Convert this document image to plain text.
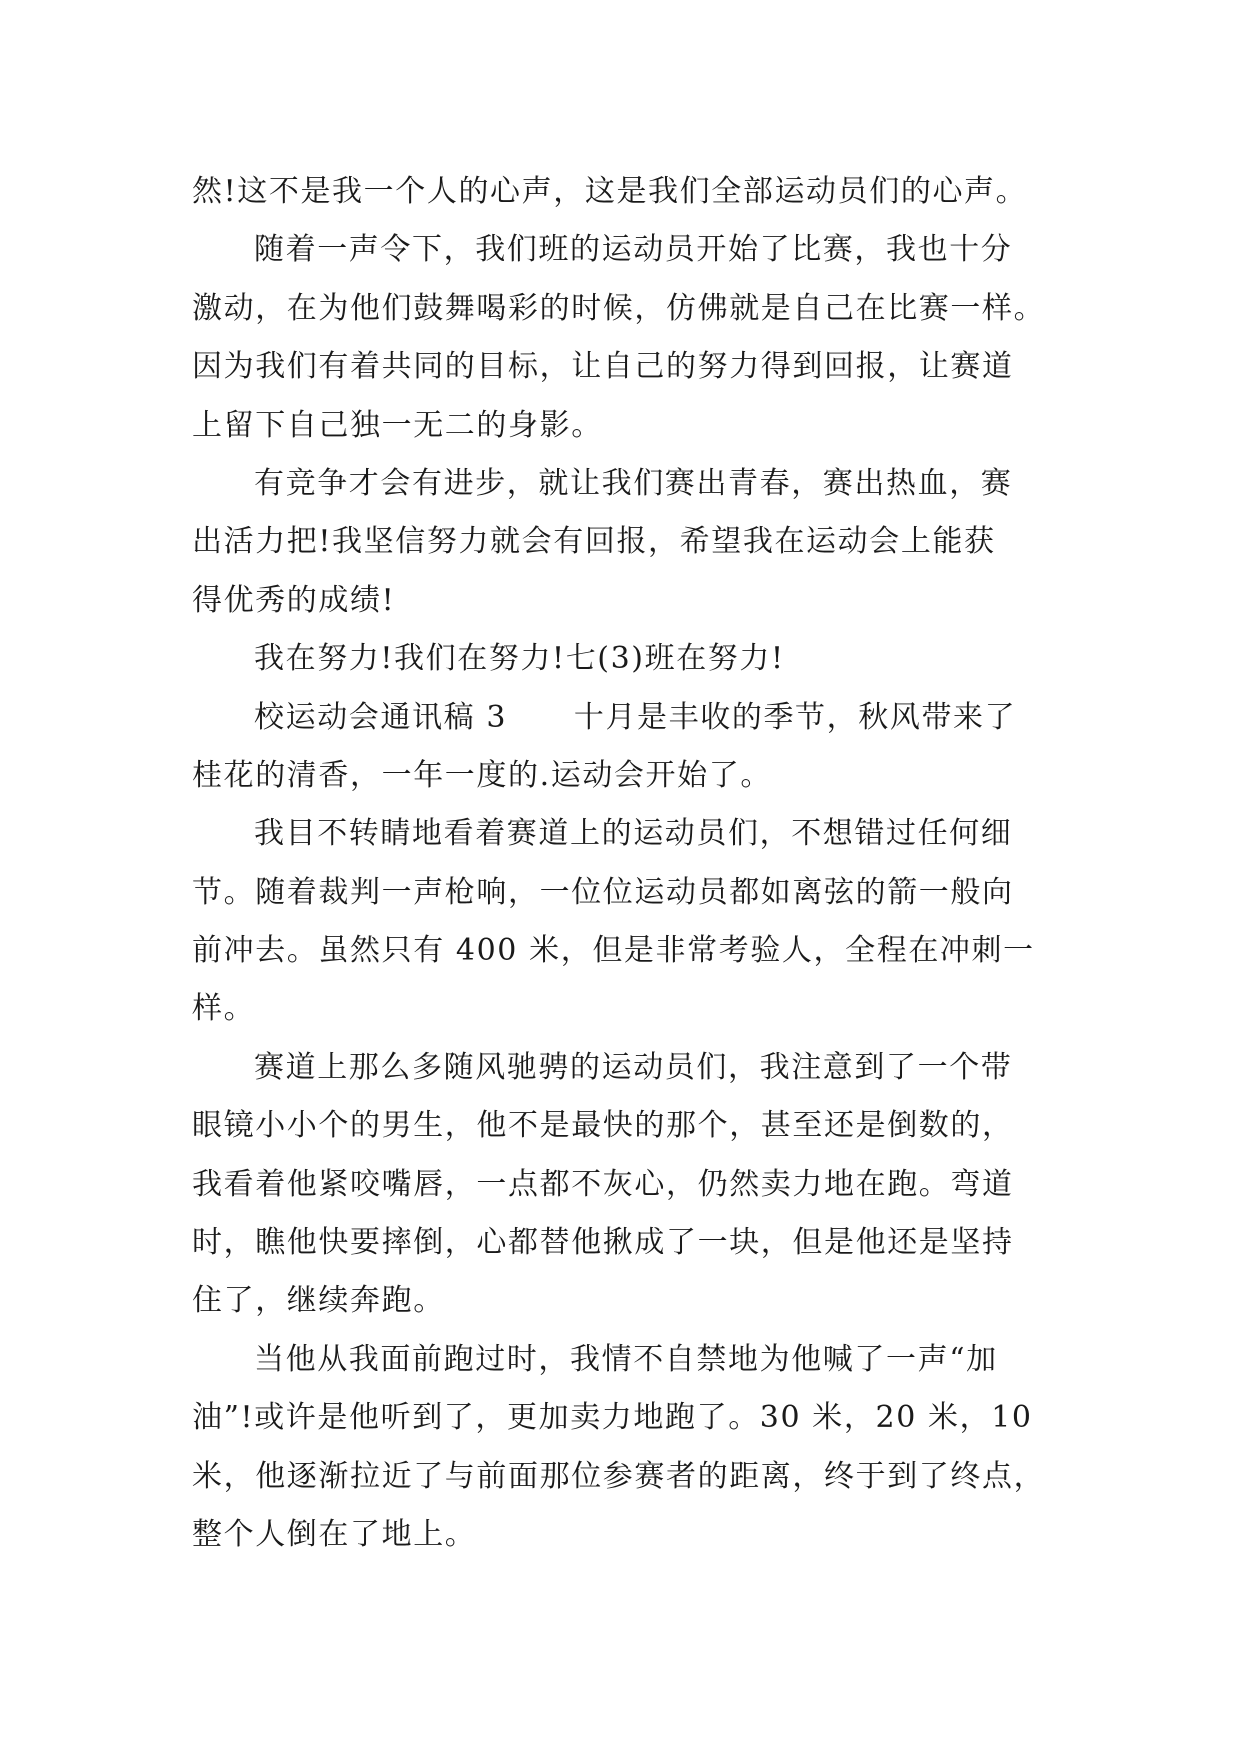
然!这不是我一个人的心声，这是我们全部运动员们的心声。
随着一声令下，我们班的运动员开始了比赛，我也十分
激动，在为他们鼓舞喝彩的时候，仿佛就是自己在比赛一样。
因为我们有着共同的目标，让自己的努力得到回报，让赛道
上留下自己独一无二的身影。
有竞争才会有进步，就让我们赛出青春，赛出热血，赛
出活力把!我坚信努力就会有回报，希望我在运动会上能获
得优秀的成绩!
我在努力!我们在努力!七(3)班在努力!
校运动会通讯稿 3      十月是丰收的季节，秋风带来了
桂花的清香，一年一度的.运动会开始了。
我目不转睛地看着赛道上的运动员们，不想错过任何细
节。随着裁判一声枪响，一位位运动员都如离弦的箭一般向
前冲去。虽然只有 400 米，但是非常考验人，全程在冲刺一
样。
赛道上那么多随风驰骋的运动员们，我注意到了一个带
眼镜小小个的男生，他不是最快的那个，甚至还是倒数的，
我看着他紧咬嘴唇，一点都不灰心，仍然卖力地在跑。弯道
时，瞧他快要摔倒，心都替他揪成了一块，但是他还是坚持
住了，继续奔跑。
当他从我面前跑过时，我情不自禁地为他喊了一声“加
油”!或许是他听到了，更加卖力地跑了。30 米，20 米，10
米，他逐渐拉近了与前面那位参赛者的距离，终于到了终点，
整个人倒在了地上。
